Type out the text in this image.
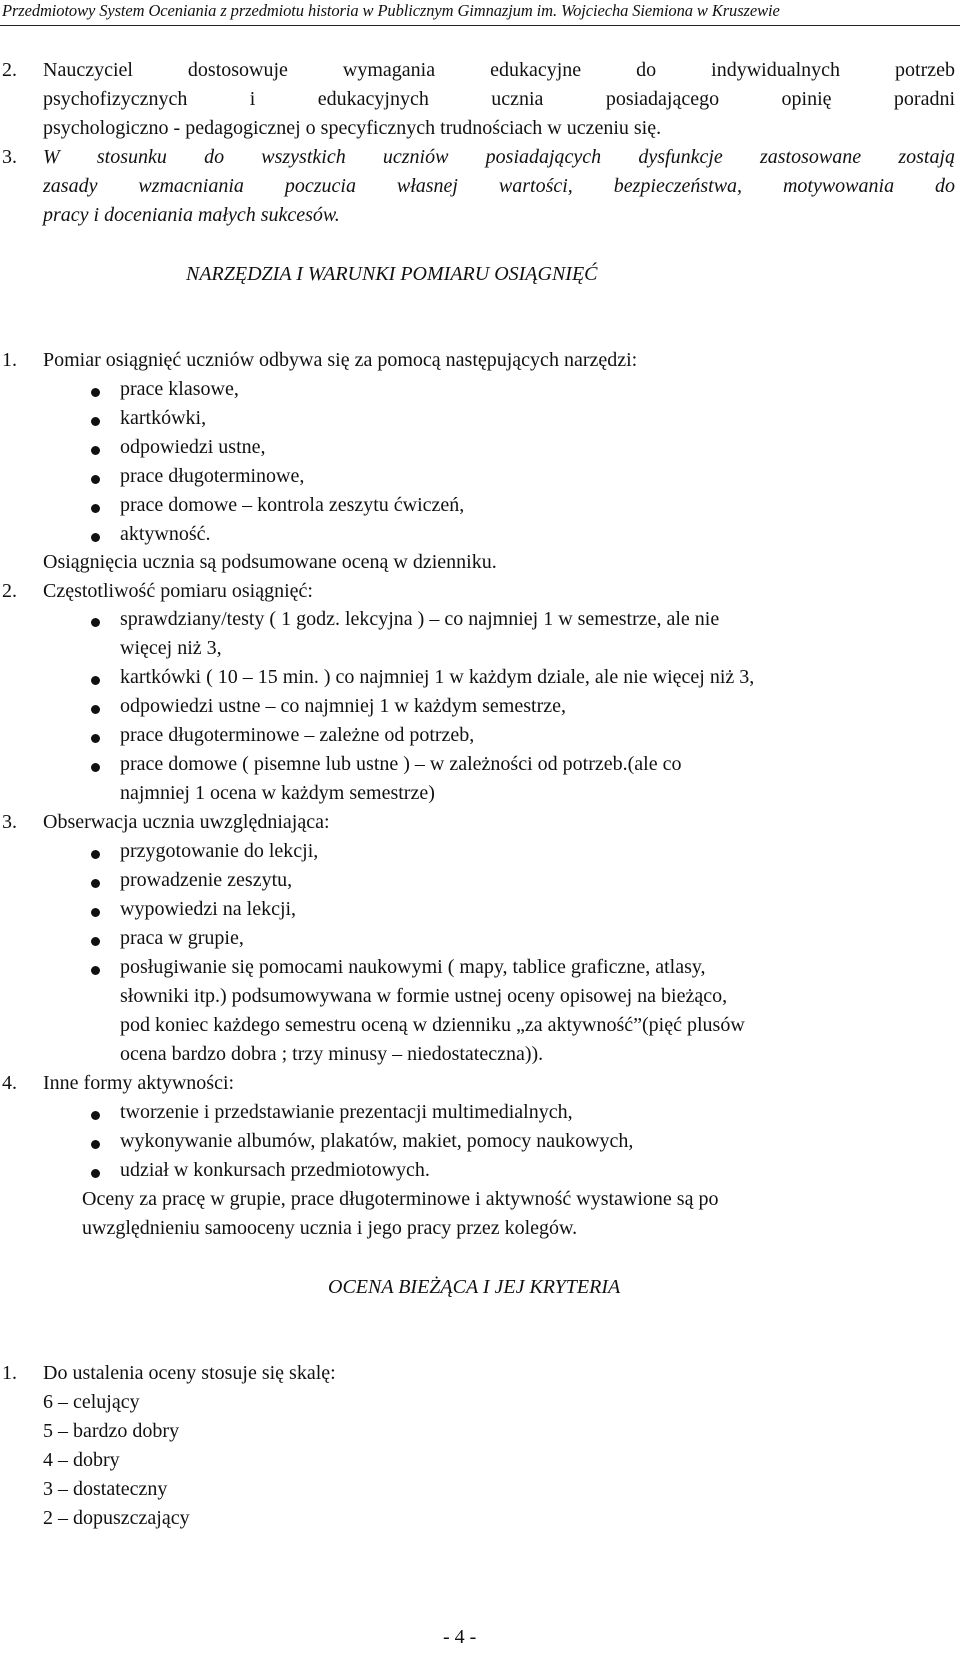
Przedmiotowy System Oceniania z przedmiotu historia w Publicznym Gimnazjum im. Wojciecha Siemiona w Kruszewie
2. Nauczyciel dostosowuje wymagania edukacyjne do indywidualnych potrzeb
psychofizycznych i edukacyjnych ucznia posiadającego opinię poradni
psychologiczno - pedagogicznej o specyficznych trudnościach w uczeniu się.
3. W stosunku do wszystkich uczniów posiadających dysfunkcje zastosowane zostają
zasady wzmacniania poczucia własnej wartości, bezpieczeństwa, motywowania do
pracy i doceniania małych sukcesów.
NARZĘDZIA I WARUNKI POMIARU OSIĄGNIĘĆ
1. Pomiar osiągnięć uczniów odbywa się za pomocą następujących narzędzi:
prace klasowe,
kartkówki,
odpowiedzi ustne,
prace długoterminowe,
prace domowe – kontrola zeszytu ćwiczeń,
aktywność.
Osiągnięcia ucznia są podsumowane oceną w dzienniku.
2. Częstotliwość pomiaru osiągnięć:
sprawdziany/testy ( 1 godz. lekcyjna ) – co najmniej 1 w semestrze, ale nie
więcej niż 3,
kartkówki ( 10 – 15 min. ) co najmniej 1 w każdym dziale, ale nie więcej niż 3,
odpowiedzi ustne – co najmniej 1 w każdym semestrze,
prace długoterminowe – zależne od potrzeb,
prace domowe ( pisemne lub ustne ) – w zależności od potrzeb.(ale co
najmniej 1 ocena w każdym semestrze)
3. Obserwacja ucznia uwzględniająca:
przygotowanie do lekcji,
prowadzenie zeszytu,
wypowiedzi na lekcji,
praca w grupie,
posługiwanie się pomocami naukowymi ( mapy, tablice graficzne, atlasy,
słowniki itp.) podsumowywana w formie ustnej oceny opisowej na bieżąco,
pod koniec każdego semestru oceną w dzienniku „za aktywność”(pięć plusów
ocena bardzo dobra ; trzy minusy – niedostateczna)).
4. Inne formy aktywności:
tworzenie i przedstawianie prezentacji multimedialnych,
wykonywanie albumów, plakatów, makiet, pomocy naukowych,
udział w konkursach przedmiotowych.
Oceny za pracę w grupie, prace długoterminowe i aktywność wystawione są po
uwzględnieniu samooceny ucznia i jego pracy przez kolegów.
OCENA BIEŻĄCA I JEJ KRYTERIA
1. Do ustalenia oceny stosuje się skalę:
6 – celujący
5 – bardzo dobry
4 – dobry
3 – dostateczny
2 – dopuszczający
- 4 -
